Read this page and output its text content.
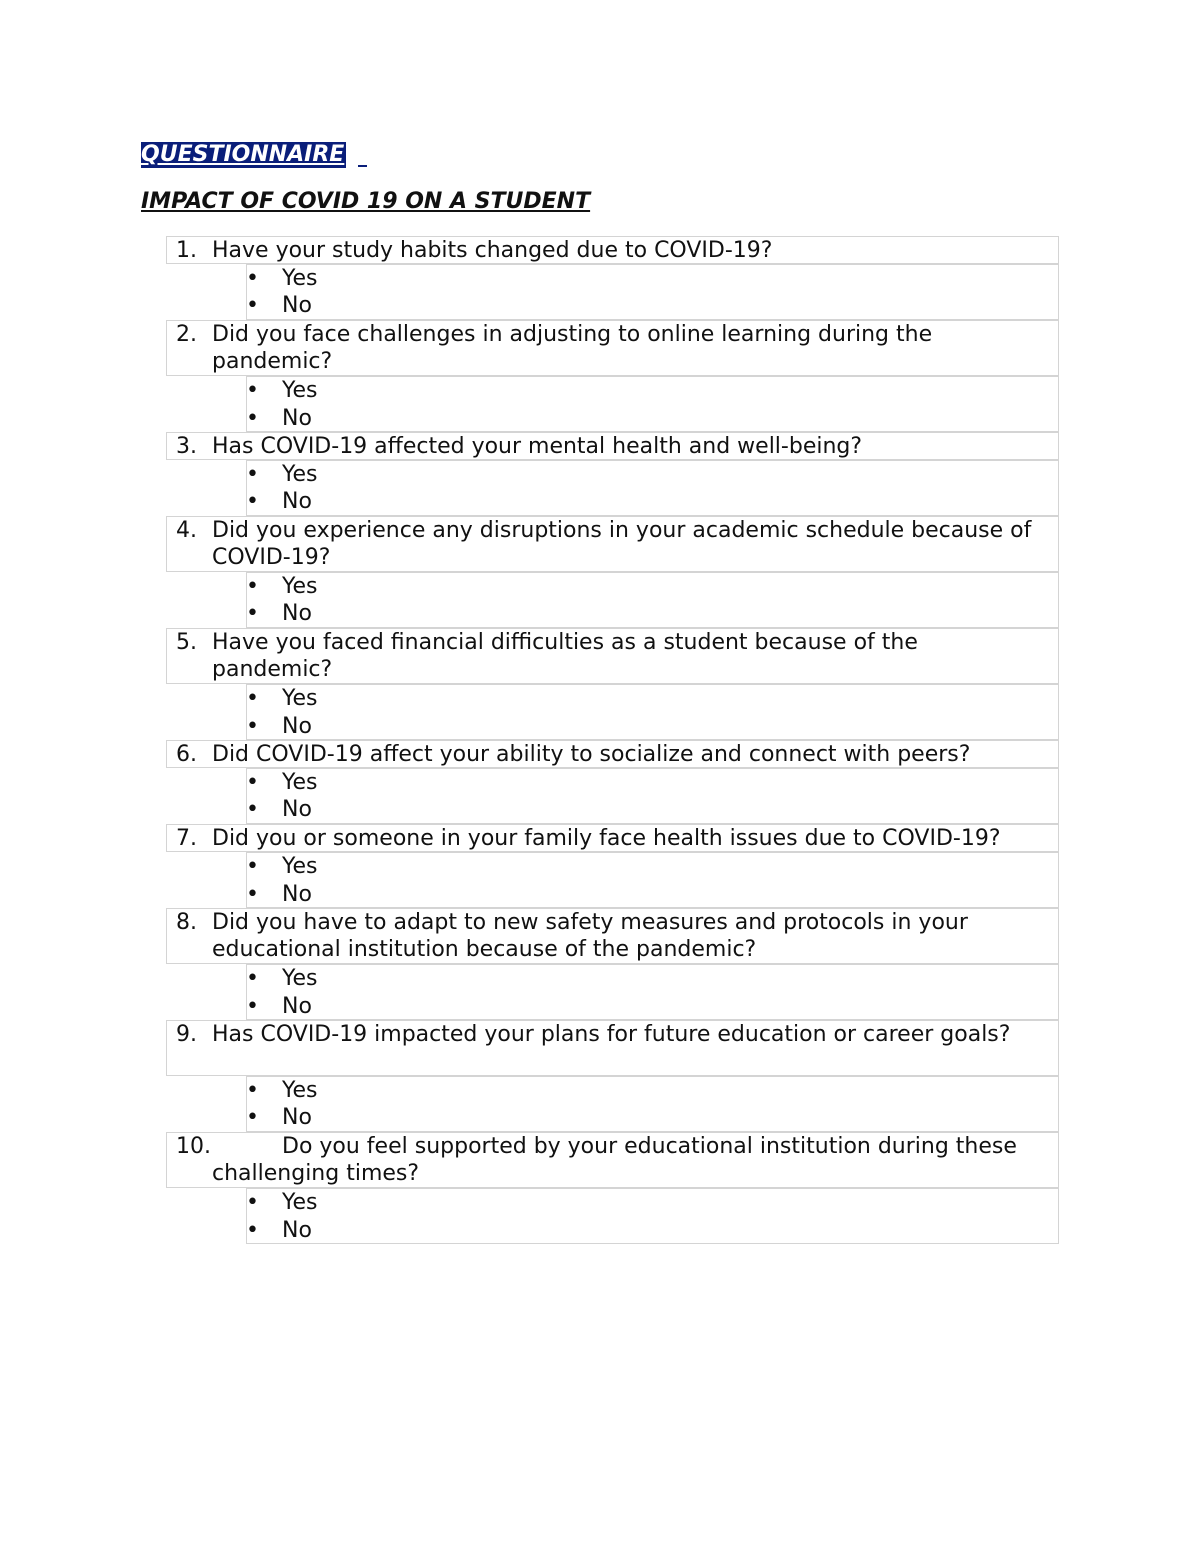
QUESTIONNAIRE
IMPACT OF COVID 19 ON A STUDENT
1. Have your study habits changed due to COVID-19?
• Yes
• No
2. Did you face challenges in adjusting to online learning during the pandemic?
• Yes
• No
3. Has COVID-19 affected your mental health and well-being?
• Yes
• No
4. Did you experience any disruptions in your academic schedule because of COVID-19?
• Yes
• No
5. Have you faced financial difficulties as a student because of the pandemic?
• Yes
• No
6. Did COVID-19 affect your ability to socialize and connect with peers?
• Yes
• No
7. Did you or someone in your family face health issues due to COVID-19?
• Yes
• No
8. Did you have to adapt to new safety measures and protocols in your educational institution because of the pandemic?
• Yes
• No
9. Has COVID-19 impacted your plans for future education or career goals?
• Yes
• No
10.	Do you feel supported by your educational institution during these challenging times?
• Yes
• No
